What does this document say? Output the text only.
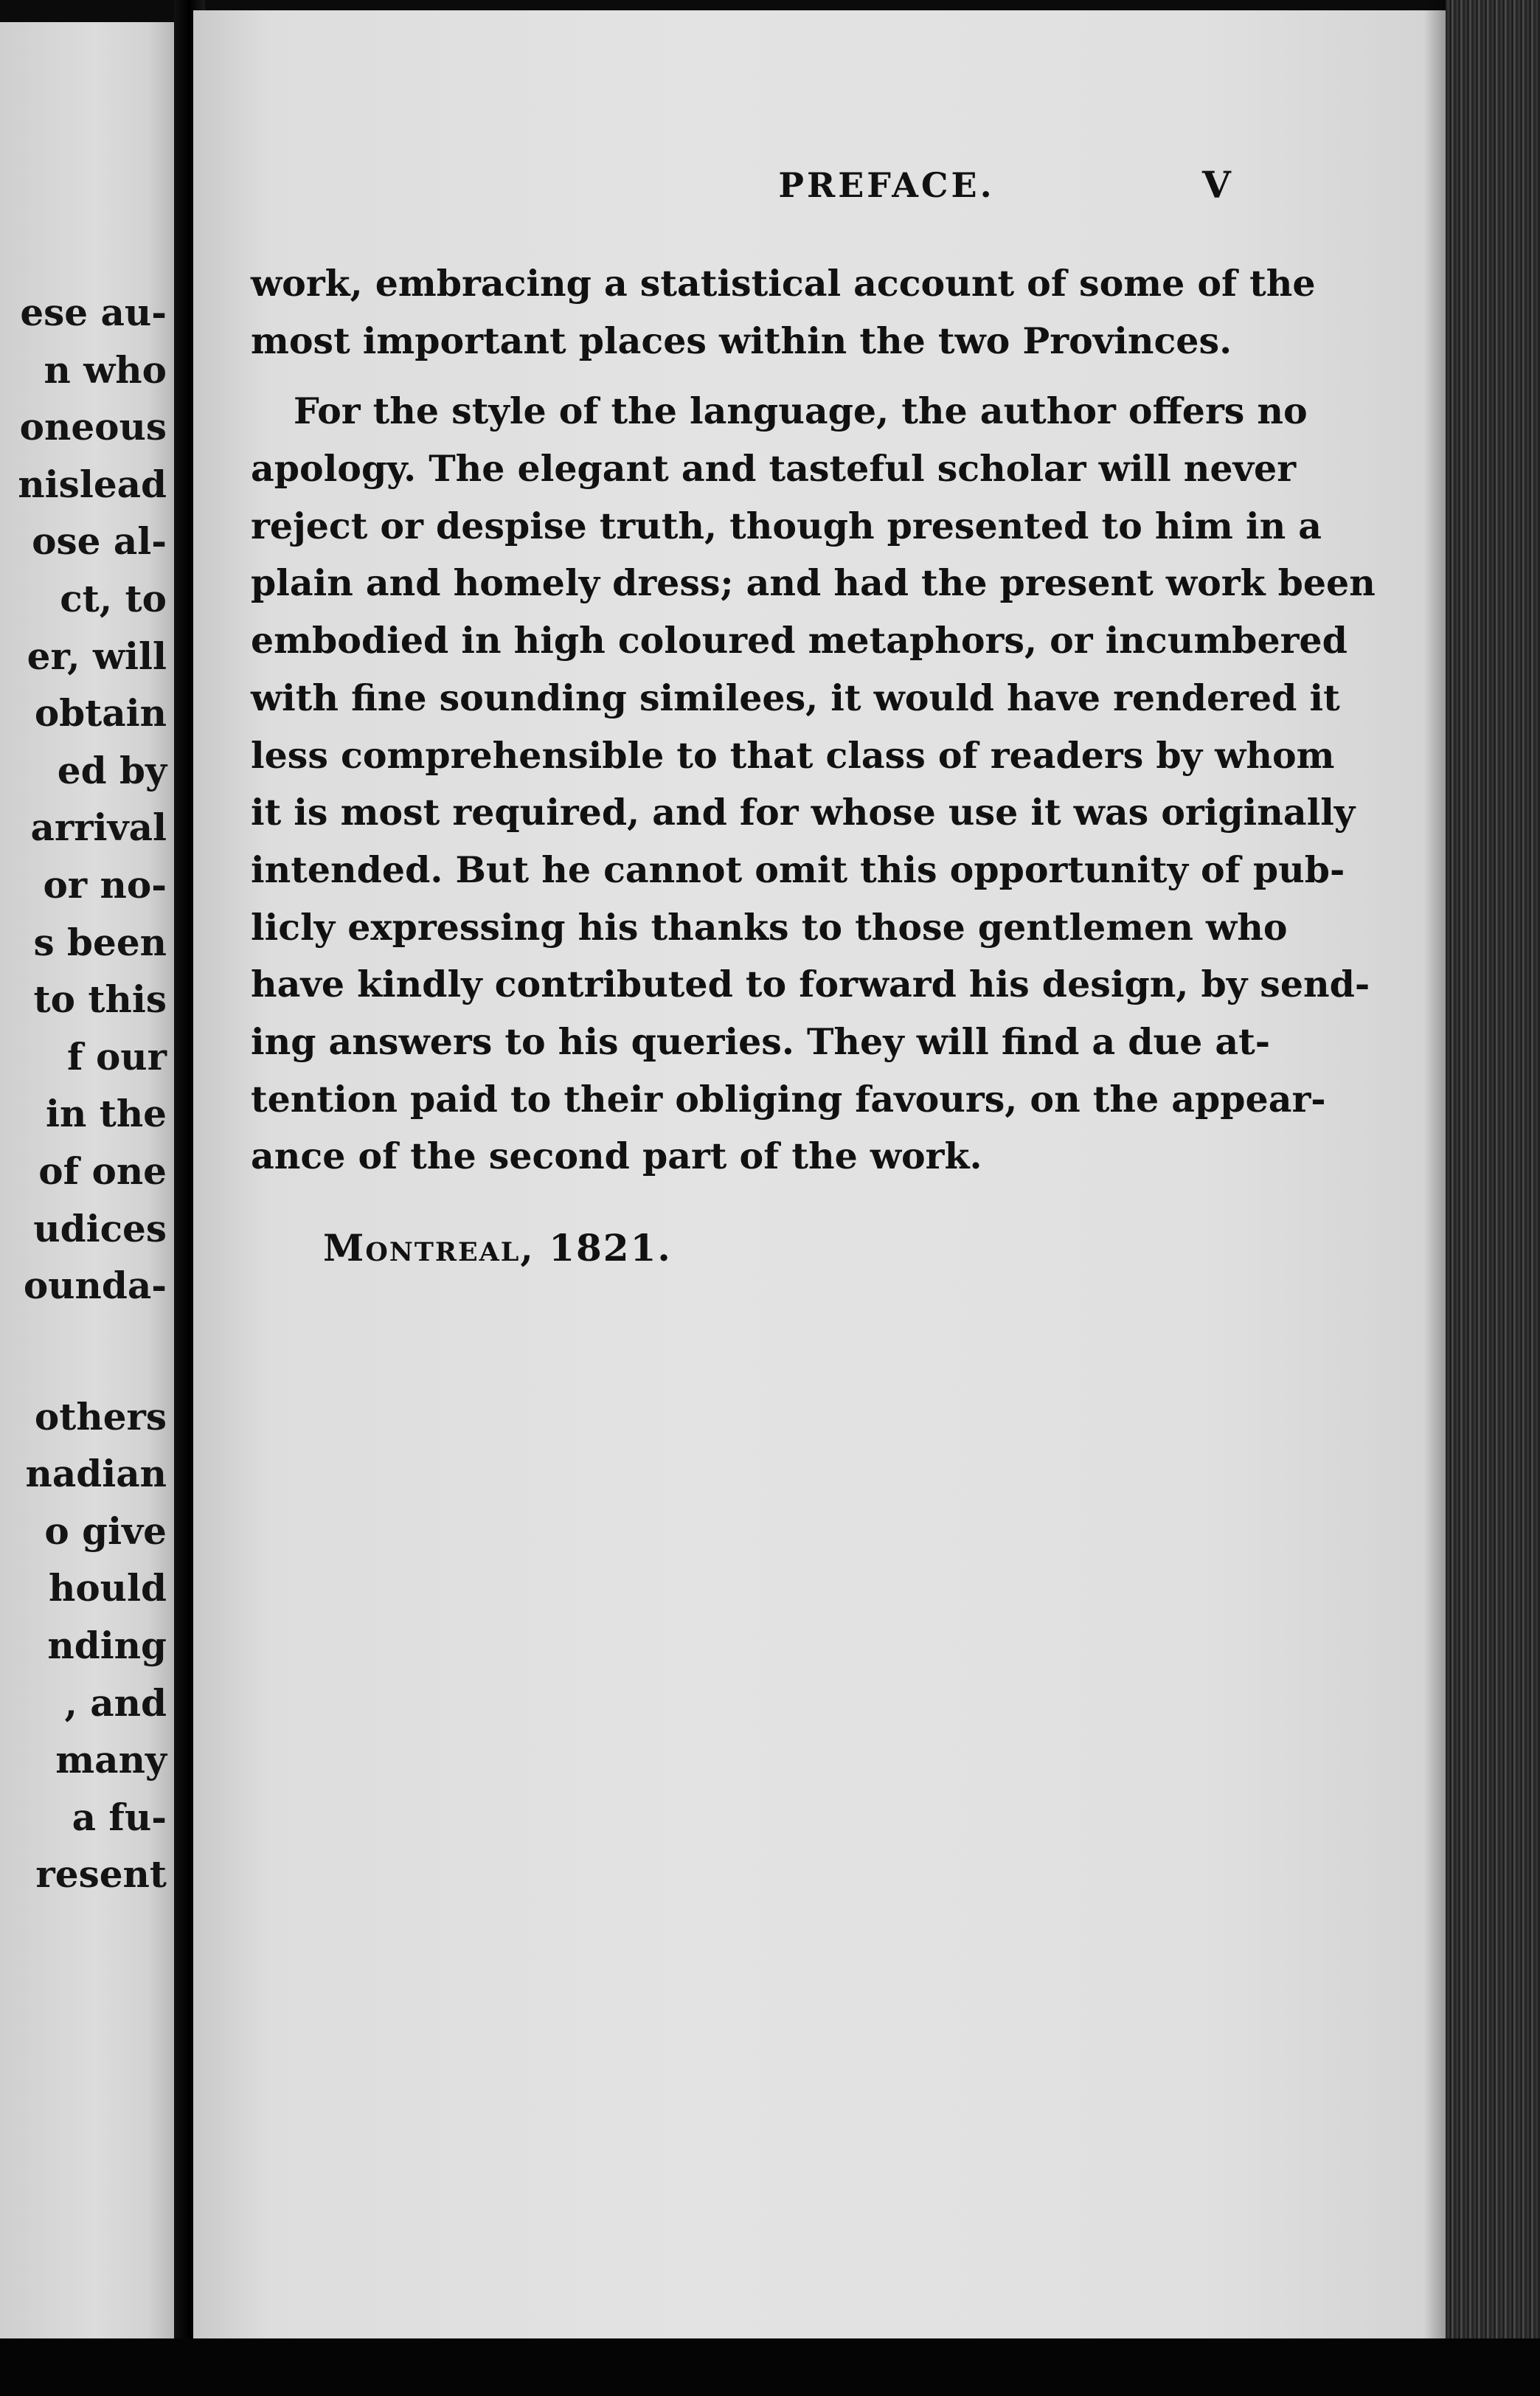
ese au-
n who
oneous
nislead
ose al-
ct, to
er, will
obtain
ed by
arrival
or no-
s been
to this
f our
in the
of one
udices
ounda-
others
nadian
o give
hould
nding
, and
many
a fu-
resent
PREFACE.	V
work, embracing a statistical account of some of the
most important places within the two Provinces.
For the style of the language, the author offers no
apology. The elegant and tasteful scholar will never
reject or despise truth, though presented to him in a
plain and homely dress; and had the present work been
embodied in high coloured metaphors, or incumbered
with fine sounding similees, it would have rendered it
less comprehensible to that class of readers by whom
it is most required, and for whose use it was originally
intended. But he cannot omit this opportunity of pub-
licly expressing his thanks to those gentlemen who
have kindly contributed to forward his design, by send-
ing answers to his queries. They will find a due at-
tention paid to their obliging favours, on the appear-
ance of the second part of the work.
Montreal, 1821.
